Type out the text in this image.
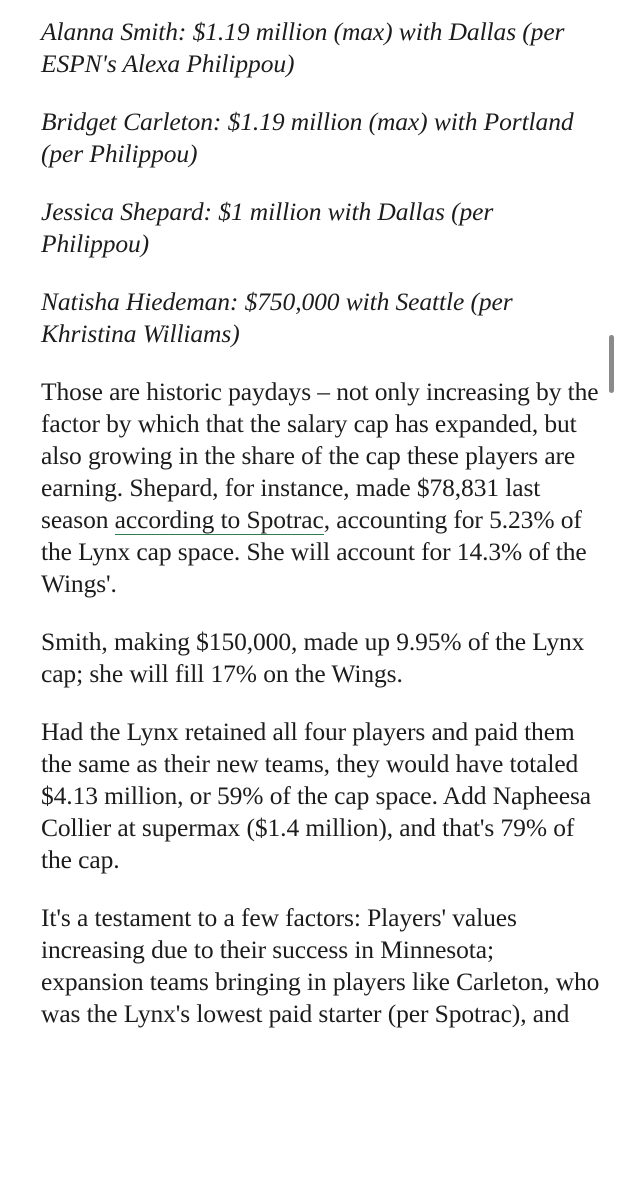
Alanna Smith: $1.19 million (max) with Dallas (per ESPN's Alexa Philippou)

Bridget Carleton: $1.19 million (max) with Portland (per Philippou)

Jessica Shepard: $1 million with Dallas (per Philippou)

Natisha Hiedeman: $750,000 with Seattle (per Khristina Williams)

Those are historic paydays – not only increasing by the factor by which that the salary cap has expanded, but also growing in the share of the cap these players are earning. Shepard, for instance, made $78,831 last season according to Spotrac, accounting for 5.23% of the Lynx cap space. She will account for 14.3% of the Wings'.

Smith, making $150,000, made up 9.95% of the Lynx cap; she will fill 17% on the Wings.

Had the Lynx retained all four players and paid them the same as their new teams, they would have totaled $4.13 million, or 59% of the cap space. Add Napheesa Collier at supermax ($1.4 million), and that's 79% of the cap.

It's a testament to a few factors: Players' values increasing due to their success in Minnesota; expansion teams bringing in players like Carleton, who was the Lynx's lowest paid starter (per Spotrac), and
